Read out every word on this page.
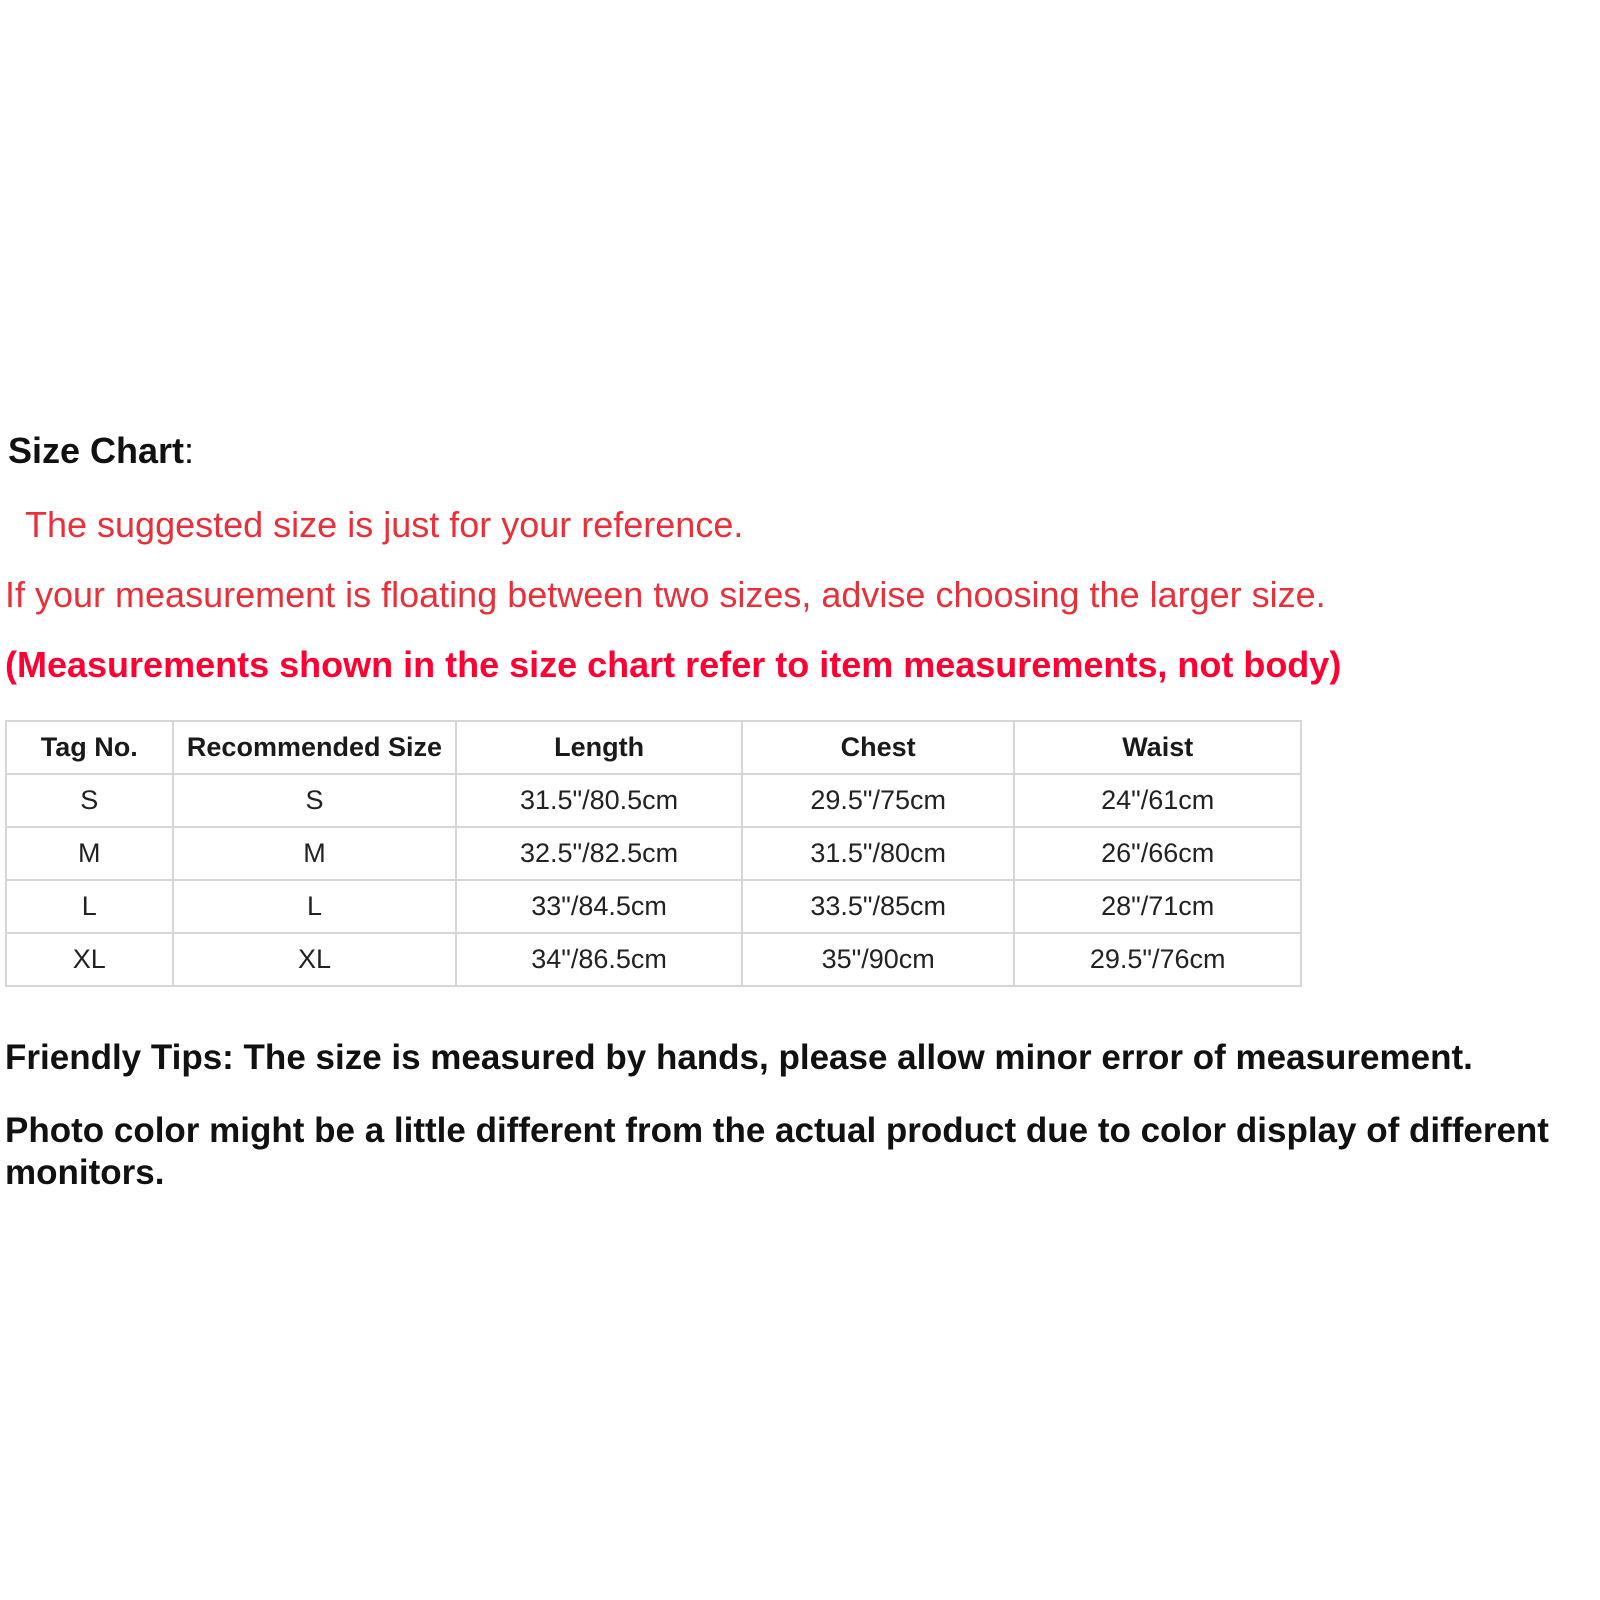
Size Chart:
The suggested size is just for your reference.
If your measurement is floating between two sizes, advise choosing the larger size.
(Measurements shown in the size chart refer to item measurements, not body)
Tag No.	Recommended Size	Length	Chest	Waist
S	S	31.5"/80.5cm	29.5"/75cm	24"/61cm
M	M	32.5"/82.5cm	31.5"/80cm	26"/66cm
L	L	33"/84.5cm	33.5"/85cm	28"/71cm
XL	XL	34"/86.5cm	35"/90cm	29.5"/76cm
Friendly Tips: The size is measured by hands, please allow minor error of measurement.
Photo color might be a little different from the actual product due to color display of different monitors.
